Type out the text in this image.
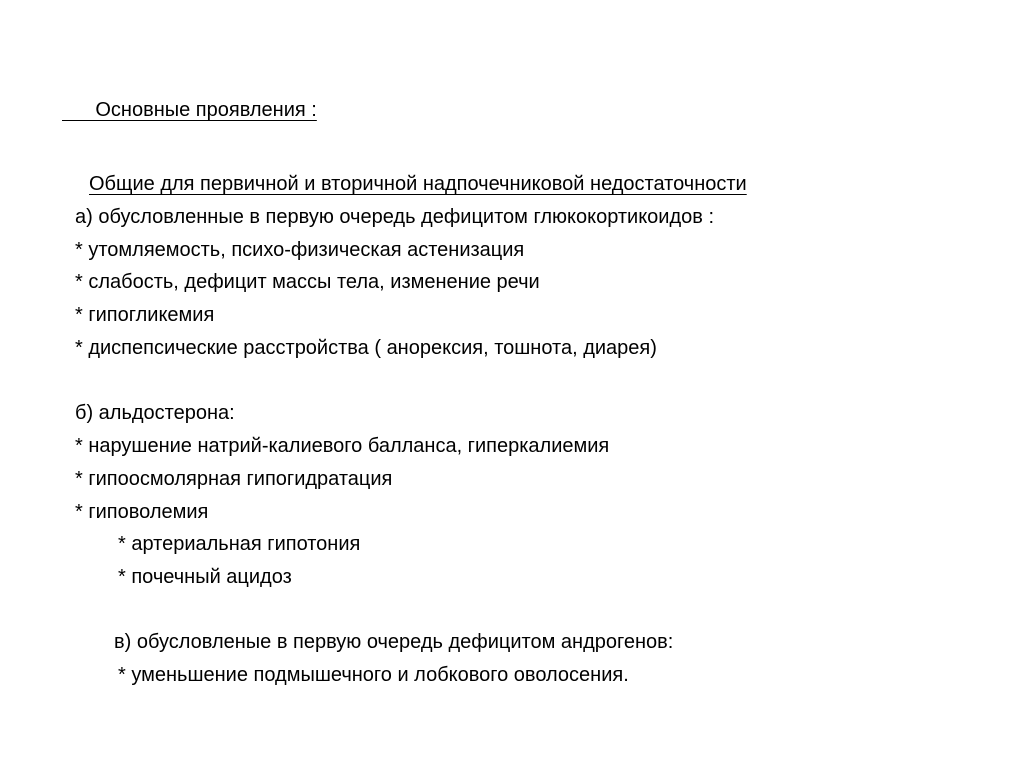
Основные проявления :
Общие для первичной и вторичной надпочечниковой недостаточности
а) обусловленные в первую очередь дефицитом глюкокортикоидов :
* утомляемость, психо-физическая астенизация
* слабость, дефицит массы тела, изменение речи
* гипогликемия
* диспепсические расстройства ( анорексия, тошнота, диарея)
б) альдостерона:
* нарушение натрий-калиевого балланса, гиперкалиемия
* гипоосмолярная гипогидратация
* гиповолемия
* артериальная гипотония
* почечный ацидоз
в) обусловленые в первую очередь дефицитом андрогенов:
* уменьшение подмышечного и лобкового оволосения.
